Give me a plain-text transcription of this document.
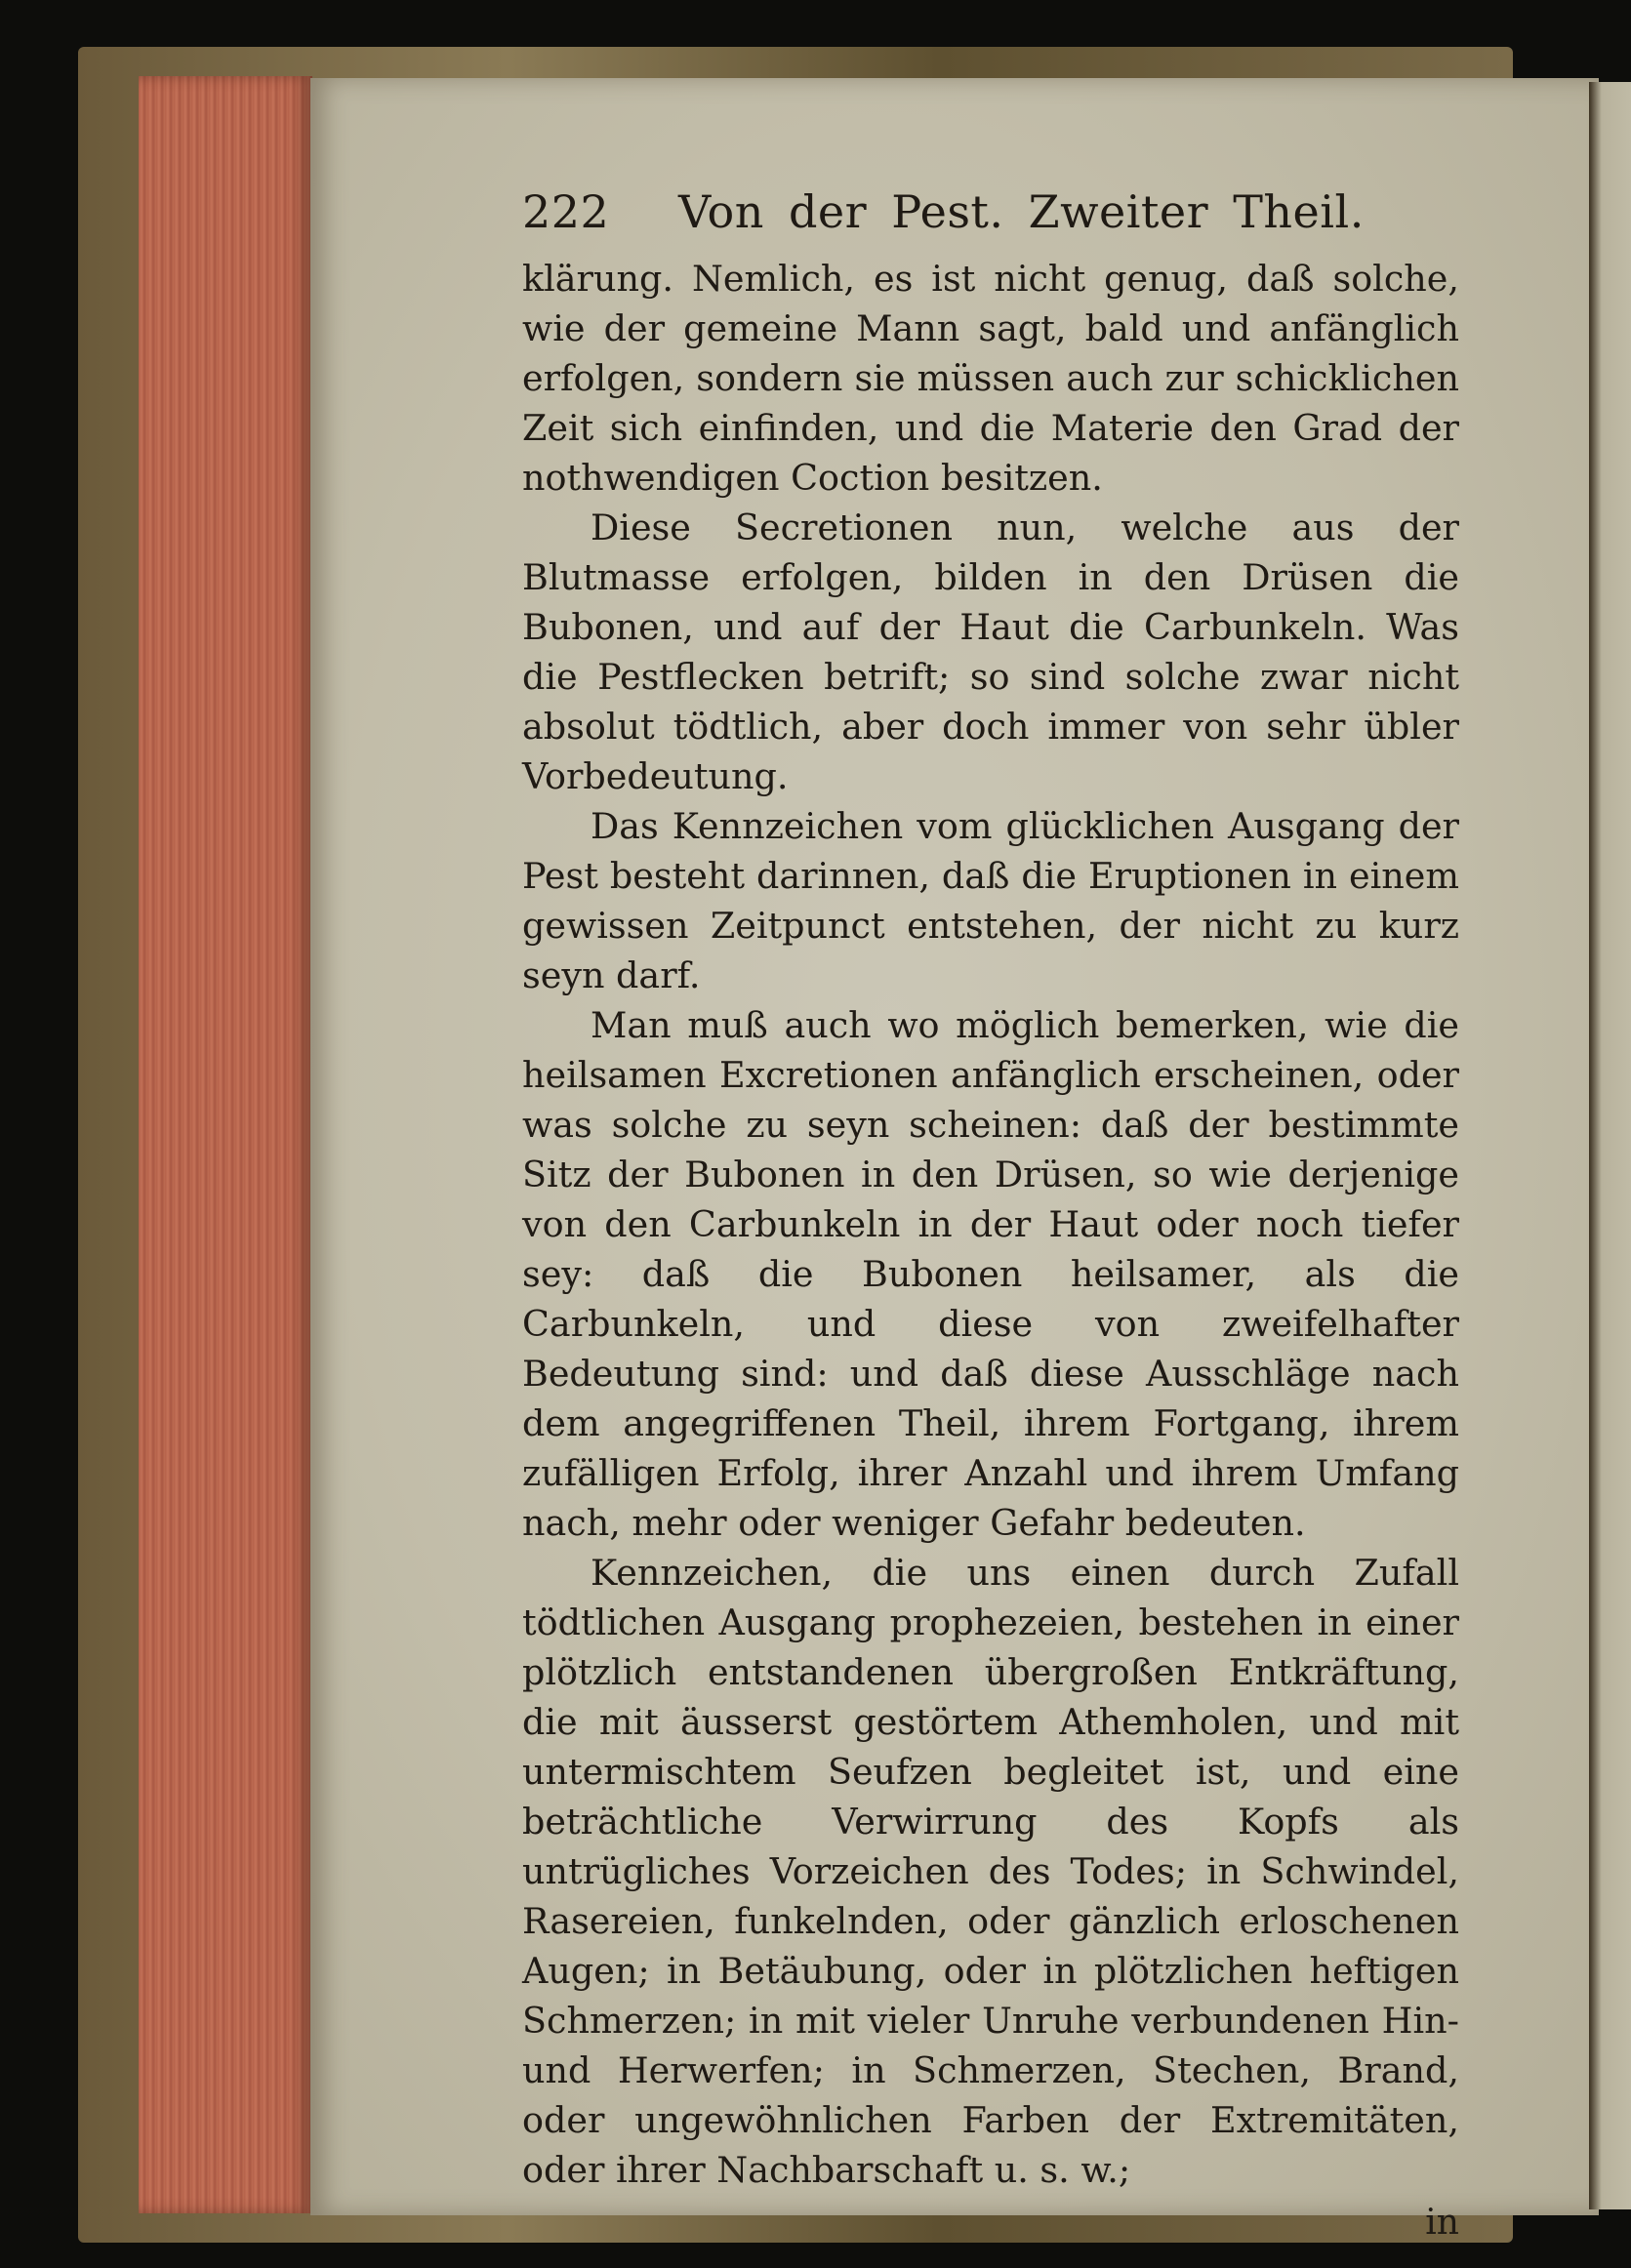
222	Von der Pest. Zweiter Theil.

klärung. Nemlich, es ist nicht genug, daß solche, wie der gemeine Mann sagt, bald und anfänglich erfolgen, sondern sie müssen auch zur schicklichen Zeit sich einfinden, und die Materie den Grad der nothwendigen Coction besitzen.

Diese Secretionen nun, welche aus der Blutmasse erfolgen, bilden in den Drüsen die Bubonen, und auf der Haut die Carbunkeln. Was die Pestflecken betrift; so sind solche zwar nicht absolut tödtlich, aber doch immer von sehr übler Vorbedeutung.

Das Kennzeichen vom glücklichen Ausgang der Pest besteht darinnen, daß die Eruptionen in einem gewissen Zeitpunct entstehen, der nicht zu kurz seyn darf.

Man muß auch wo möglich bemerken, wie die heilsamen Excretionen anfänglich erscheinen, oder was solche zu seyn scheinen: daß der bestimmte Sitz der Bubonen in den Drüsen, so wie derjenige von den Carbunkeln in der Haut oder noch tiefer sey: daß die Bubonen heilsamer, als die Carbunkeln, und diese von zweifelhafter Bedeutung sind: und daß diese Ausschläge nach dem angegriffenen Theil, ihrem Fortgang, ihrem zufälligen Erfolg, ihrer Anzahl und ihrem Umfang nach, mehr oder weniger Gefahr bedeuten.

Kennzeichen, die uns einen durch Zufall tödtlichen Ausgang prophezeien, bestehen in einer plötzlich entstandenen übergroßen Entkräftung, die mit äusserst gestörtem Athemholen, und mit untermischtem Seufzen begleitet ist, und eine beträchtliche Verwirrung des Kopfs als untrügliches Vorzeichen des Todes; in Schwindel, Rasereien, funkelnden, oder gänzlich erloschenen Augen; in Betäubung, oder in plötzlichen heftigen Schmerzen; in mit vieler Unruhe verbundenen Hin- und Herwerfen; in Schmerzen, Stechen, Brand, oder ungewöhnlichen Farben der Extremitäten, oder ihrer Nachbarschaft u. s. w.;

in
